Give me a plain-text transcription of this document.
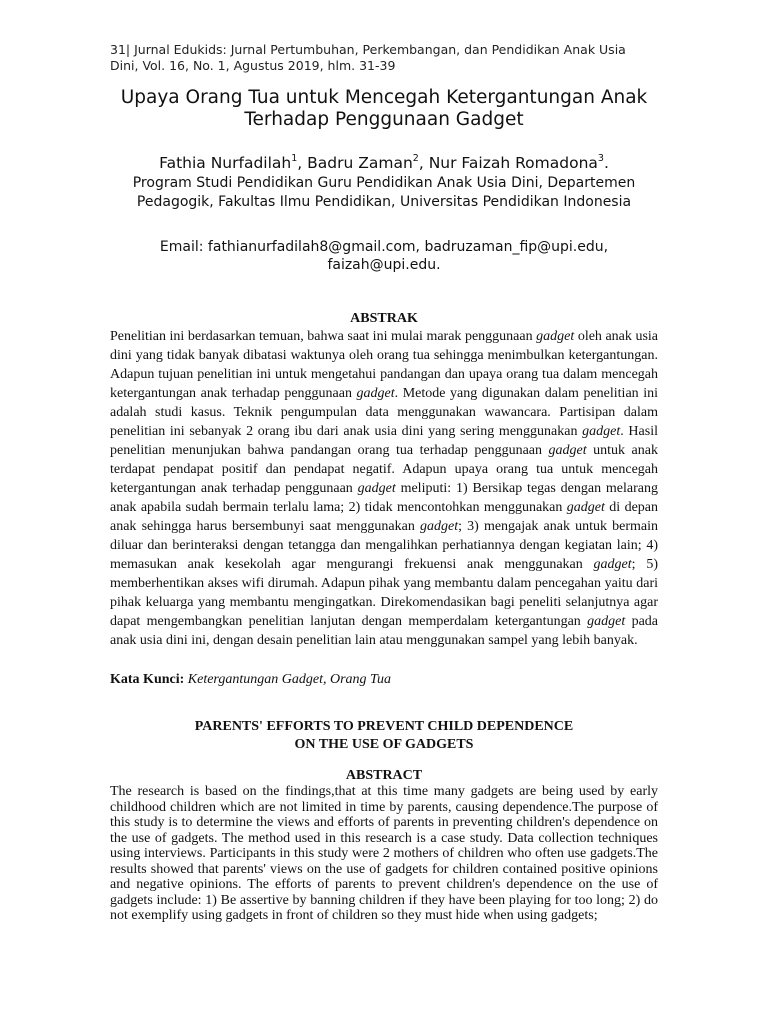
31| Jurnal Edukids: Jurnal Pertumbuhan, Perkembangan, dan Pendidikan Anak Usia Dini, Vol. 16, No. 1, Agustus 2019, hlm. 31-39
Upaya Orang Tua untuk Mencegah Ketergantungan Anak Terhadap Penggunaan Gadget
Fathia Nurfadilah$^1$, Badru Zaman$^2$, Nur Faizah Romadona$^3$.
Program Studi Pendidikan Guru Pendidikan Anak Usia Dini, Departemen Pedagogik, Fakultas Ilmu Pendidikan, Universitas Pendidikan Indonesia
Email: fathianurfadilah8@gmail.com, badruzaman_fip@upi.edu, faizah@upi.edu.
ABSTRAK

Penelitian ini berdasarkan temuan, bahwa saat ini mulai marak penggunaan gadget oleh anak usia dini yang tidak banyak dibatasi waktunya oleh orang tua sehingga menimbulkan ketergantungan. Adapun tujuan penelitian ini untuk mengetahui pandangan dan upaya orang tua dalam mencegah ketergantungan anak terhadap penggunaan gadget. Metode yang digunakan dalam penelitian ini adalah studi kasus. Teknik pengumpulan data menggunakan wawancara. Partisipan dalam penelitian ini sebanyak 2 orang ibu dari anak usia dini yang sering menggunakan gadget. Hasil penelitian menunjukan bahwa pandangan orang tua terhadap penggunaan gadget untuk anak terdapat pendapat positif dan pendapat negatif. Adapun upaya orang tua untuk mencegah ketergantungan anak terhadap penggunaan gadget meliputi: 1) Bersikap tegas dengan melarang anak apabila sudah bermain terlalu lama; 2) tidak mencontohkan menggunakan gadget di depan anak sehingga harus bersembunyi saat menggunakan gadget; 3) mengajak anak untuk bermain diluar dan berinteraksi dengan tetangga dan mengalihkan perhatiannya dengan kegiatan lain; 4) memasukan anak kesekolah agar mengurangi frekuensi anak menggunakan gadget; 5) memberhentikan akses wifi dirumah. Adapun pihak yang membantu dalam pencegahan yaitu dari pihak keluarga yang membantu mengingatkan. Direkomendasikan bagi peneliti selanjutnya agar dapat mengembangkan penelitian lanjutan dengan memperdalam ketergantungan gadget pada anak usia dini ini, dengan desain penelitian lain atau menggunakan sampel yang lebih banyak.

Kata Kunci: Ketergantungan Gadget, Orang Tua
PARENTS' EFFORTS TO PREVENT CHILD DEPENDENCE
ON THE USE OF GADGETS
ABSTRACT

The research is based on the findings,that at this time many gadgets are being used by early childhood children which are not limited in time by parents, causing dependence.The purpose of this study is to determine the views and efforts of parents in preventing children's dependence on the use of gadgets. The method used in this research is a case study. Data collection techniques using interviews. Participants in this study were 2 mothers of children who often use gadgets.The results showed that parents' views on the use of gadgets for children contained positive opinions and negative opinions. The efforts of parents to prevent children's dependence on the use of gadgets include: 1) Be assertive by banning children if they have been playing for too long; 2) do not exemplify using gadgets in front of children so they must hide when using gadgets;
